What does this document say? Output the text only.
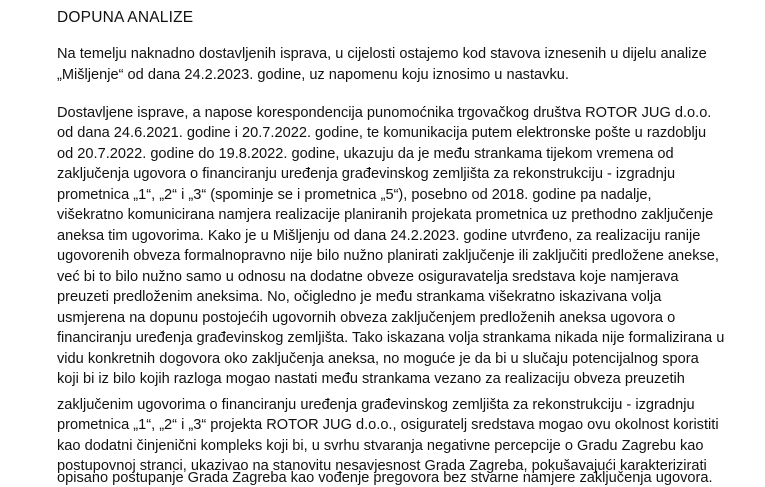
DOPUNA ANALIZE
Na temelju naknadno dostavljenih isprava, u cijelosti ostajemo kod stavova iznesenih u dijelu analize
„Mišljenje“ od dana 24.2.2023. godine, uz napomenu koju iznosimo u nastavku.
Dostavljene isprave, a napose korespondencija punomoćnika trgovačkog društva ROTOR JUG d.o.o.
od dana 24.6.2021. godine i 20.7.2022. godine, te komunikacija putem elektronske pošte u razdoblju
od 20.7.2022. godine do 19.8.2022. godine, ukazuju da je među strankama tijekom vremena od
zaključenja ugovora o financiranju uređenja građevinskog zemljišta za rekonstrukciju - izgradnju
prometnica „1“, „2“ i „3“ (spominje se i prometnica „5“), posebno od 2018. godine pa nadalje,
višekratno komunicirana namjera realizacije planiranih projekata prometnica uz prethodno zaključenje
aneksa tim ugovorima. Kako je u Mišljenju od dana 24.2.2023. godine utvrđeno, za realizaciju ranije
ugovorenih obveza formalnopravno nije bilo nužno planirati zaključenje ili zaključiti predložene anekse,
već bi to bilo nužno samo u odnosu na dodatne obveze osiguravatelja sredstava koje namjerava
preuzeti predloženim aneksima. No, očigledno je među strankama višekratno iskazivana volja
usmjerena na dopunu postojećih ugovornih obveza zaključenjem predloženih aneksa ugovora o
financiranju uređenja građevinskog zemljišta. Tako iskazana volja strankama nikada nije formalizirana u
vidu konkretnih dogovora oko zaključenja aneksa, no moguće je da bi u slučaju potencijalnog spora
koji bi iz bilo kojih razloga mogao nastati među strankama vezano za realizaciju obveza preuzetih
zaključenim ugovorima o financiranju uređenja građevinskog zemljišta za rekonstrukciju - izgradnju
prometnica „1“, „2“ i „3“ projekta ROTOR JUG d.o.o., osiguratelj sredstava mogao ovu okolnost koristiti
kao dodatni činjenični kompleks koji bi, u svrhu stvaranja negativne percepcije o Gradu Zagrebu kao
postupovnoj stranci, ukazivao na stanovitu nesavjesnost Grada Zagreba, pokušavajući karakterizirati
opisano postupanje Grada Zagreba kao vođenje pregovora bez stvarne namjere zaključenja ugovora.
